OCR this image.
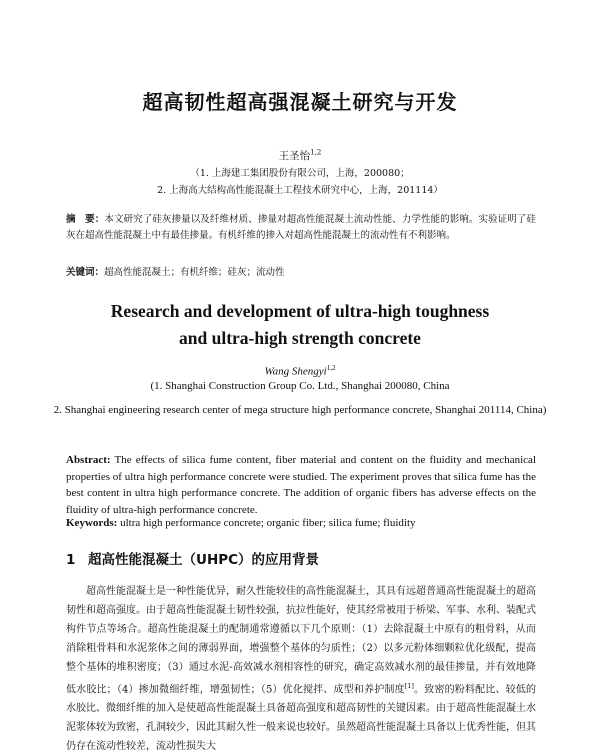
超高韧性超高强混凝土研究与开发
王圣怡$^{1,2}$
（1. 上海建工集团股份有限公司，上海，200080；
2. 上海高大结构高性能混凝土工程技术研究中心，上海，201114）
摘　要：本文研究了硅灰掺量以及纤维材质、掺量对超高性能混凝土流动性能、力学性能的影响。实验证明了硅灰在超高性能混凝土中有最佳掺量。有机纤维的掺入对超高性能混凝土的流动性有不利影响。
关键词：超高性能混凝土；有机纤维；硅灰；流动性
Research and development of ultra-high toughness
and ultra-high strength concrete
Wang Shengyi$^{1,2}$
(1. Shanghai Construction Group Co. Ltd., Shanghai 200080, China
2. Shanghai engineering research center of mega structure high performance concrete, Shanghai 201114, China)
Abstract: The effects of silica fume content, fiber material and content on the fluidity and mechanical properties of ultra high performance concrete were studied. The experiment proves that silica fume has the best content in ultra high performance concrete. The addition of organic fibers has adverse effects on the fluidity of ultra-high performance concrete.
Keywords: ultra high performance concrete; organic fiber; silica fume; fluidity
1 超高性能混凝土（UHPC）的应用背景
超高性能混凝土是一种性能优异，耐久性能较佳的高性能混凝土，其具有远超普通高性能混凝土的超高韧性和超高强度。由于超高性能混凝土韧性较强，抗拉性能好，使其经常被用于桥梁、军事、水利、装配式构件节点等场合。超高性能混凝土的配制通常遵循以下几个原则：（1）去除混凝土中原有的粗骨料，从而消除粗骨料和水泥浆体之间的薄弱界面，增强整个基体的匀质性；（2）以多元粉体细颗粒优化级配，提高整个基体的堆积密度；（3）通过水泥-高效减水剂相容性的研究，确定高效减水剂的最佳掺量，并有效地降低水胶比；（4）掺加微细纤维，增强韧性；（5）优化搅拌、成型和养护制度[1]。致密的粉料配比、较低的水胶比、微细纤维的加入是使超高性能混凝土具备超高强度和超高韧性的关键因素。由于超高性能混凝土水泥浆体较为致密，孔洞较少，因此其耐久性一般来说也较好。虽然超高性能混凝土具备以上优秀性能，但其仍存在流动性较差，流动性损失大
